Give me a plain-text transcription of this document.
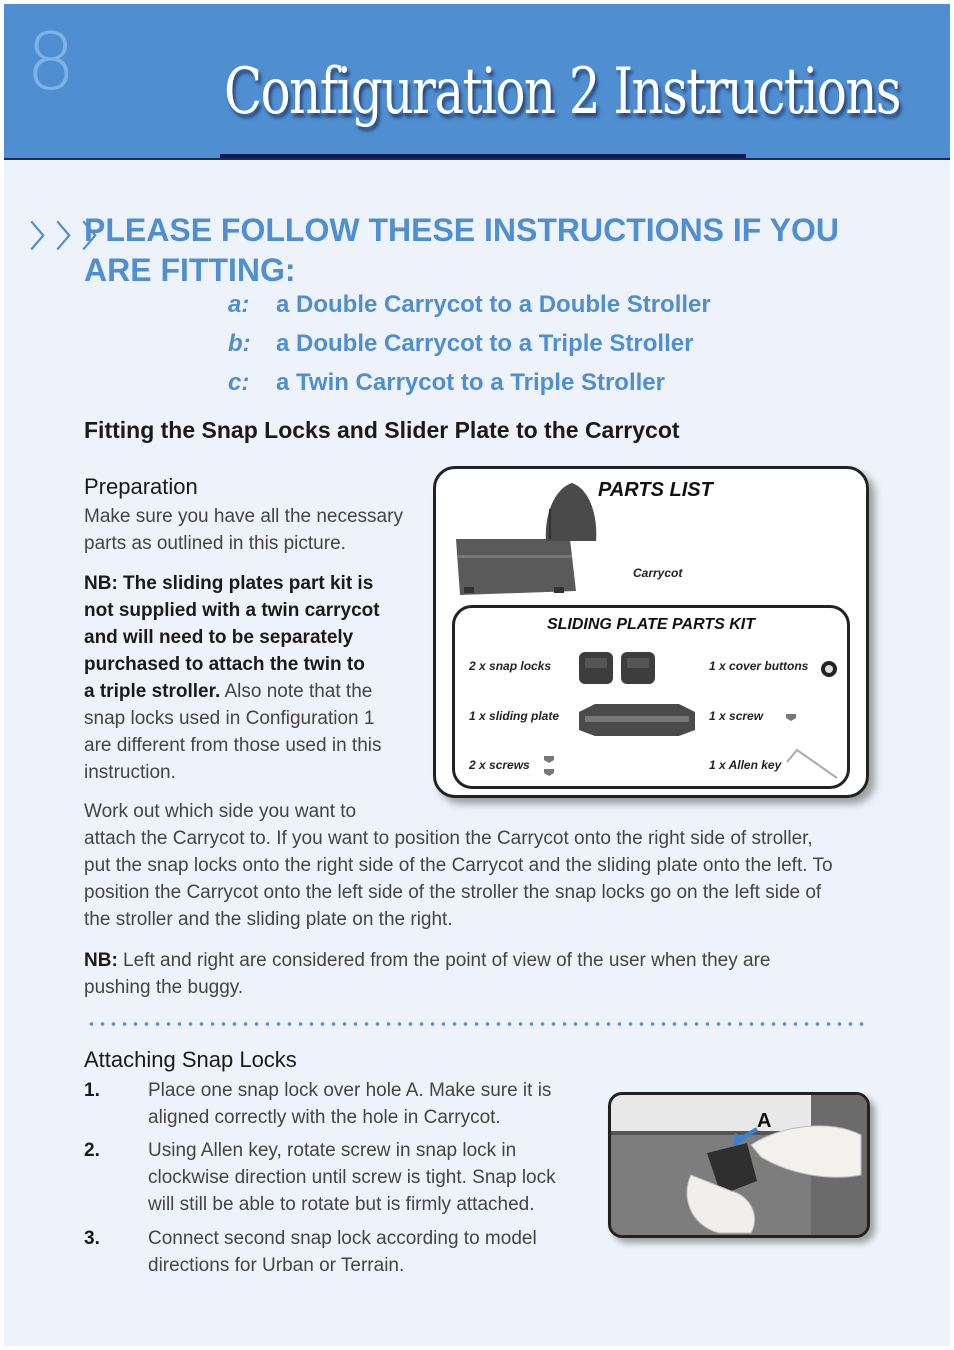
8 Configuration 2 Instructions
〉〉〉
PLEASE FOLLOW THESE INSTRUCTIONS IF YOU
ARE FITTING:
a: a Double Carrycot to a Double Stroller
b: a Double Carrycot to a Triple Stroller
c: a Twin Carrycot to a Triple Stroller
Fitting the Snap Locks and Slider Plate to the Carrycot
Preparation
Make sure you have all the necessary
parts as outlined in this picture.
NB: The sliding plates part kit is
not supplied with a twin carrycot
and will need to be separately
purchased to attach the twin to
a triple stroller. Also note that the
snap locks used in Configuration 1
are different from those used in this
instruction.
PARTS LIST
Carrycot
SLIDING PLATE PARTS KIT
2 x snap locks	1 x cover buttons
1 x sliding plate	1 x screw
2 x screws	1 x Allen key
Work out which side you want to
attach the Carrycot to. If you want to position the Carrycot onto the right side of stroller,
put the snap locks onto the right side of the Carrycot and the sliding plate onto the left. To
position the Carrycot onto the left side of the stroller the snap locks go on the left side of
the stroller and the sliding plate on the right.
NB: Left and right are considered from the point of view of the user when they are
pushing the buggy.
Attaching Snap Locks
1.	Place one snap lock over hole A. Make sure it is aligned correctly with the hole in Carrycot.
2.	Using Allen key, rotate screw in snap lock in clockwise direction until screw is tight. Snap lock will still be able to rotate but is firmly attached.
3.	Connect second snap lock according to model directions for Urban or Terrain.
A
